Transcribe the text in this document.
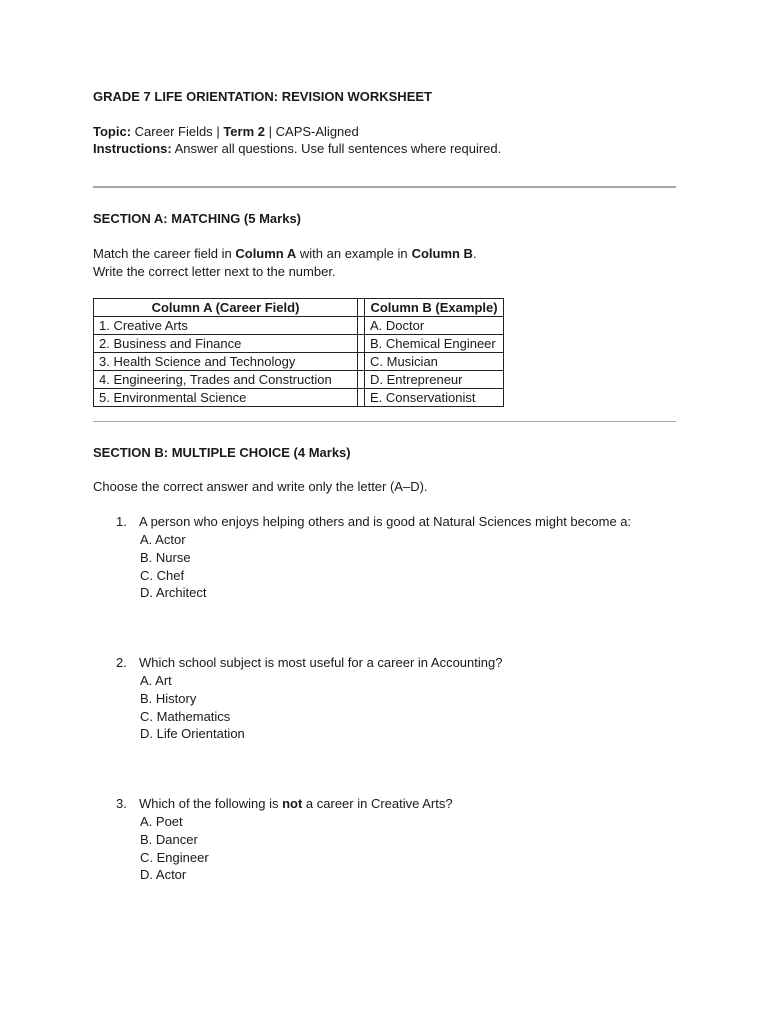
GRADE 7 LIFE ORIENTATION: REVISION WORKSHEET
Topic: Career Fields | Term 2 | CAPS-Aligned
Instructions: Answer all questions. Use full sentences where required.
SECTION A: MATCHING (5 Marks)
Match the career field in Column A with an example in Column B.
Write the correct letter next to the number.
Column A (Career Field)		Column B (Example)
1. Creative Arts		A. Doctor
2. Business and Finance		B. Chemical Engineer
3. Health Science and Technology		C. Musician
4. Engineering, Trades and Construction		D. Entrepreneur
5. Environmental Science		E. Conservationist
SECTION B: MULTIPLE CHOICE (4 Marks)
Choose the correct answer and write only the letter (A–D).
1. A person who enjoys helping others and is good at Natural Sciences might become a:
A. Actor
B. Nurse
C. Chef
D. Architect
2. Which school subject is most useful for a career in Accounting?
A. Art
B. History
C. Mathematics
D. Life Orientation
3. Which of the following is not a career in Creative Arts?
A. Poet
B. Dancer
C. Engineer
D. Actor
